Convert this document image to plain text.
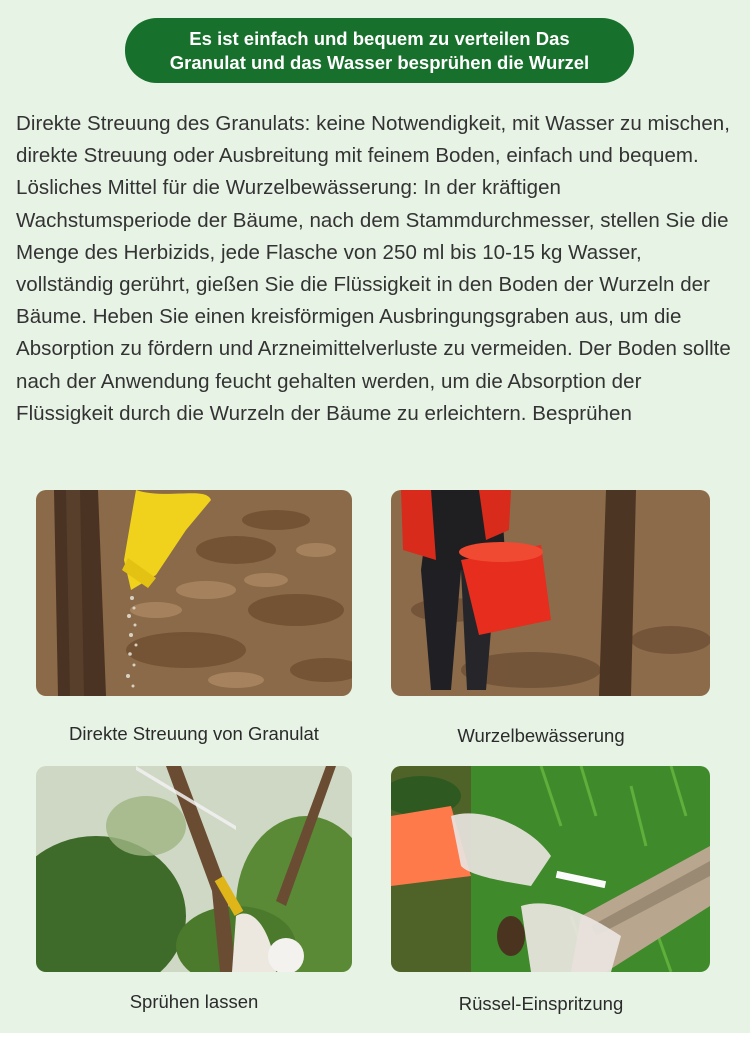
Es ist einfach und bequem zu verteilen Das
Granulat und das Wasser besprühen die Wurzel
Direkte Streuung des Granulats: keine Notwendigkeit, mit Wasser zu mischen, direkte Streuung oder Ausbreitung mit feinem Boden, einfach und bequem. Lösliches Mittel für die Wurzelbewässerung: In der kräftigen Wachstumsperiode der Bäume, nach dem Stammdurchmesser, stellen Sie die Menge des Herbizids, jede Flasche von 250 ml bis 10-15 kg Wasser, vollständig gerührt, gießen Sie die Flüssigkeit in den Boden der Wurzeln der Bäume. Heben Sie einen kreisförmigen Ausbringungsgraben aus, um die Absorption zu fördern und Arzneimittelverluste zu vermeiden. Der Boden sollte nach der Anwendung feucht gehalten werden, um die Absorption der Flüssigkeit durch die Wurzeln der Bäume zu erleichtern. Besprühen
Direkte Streuung von Granulat	Wurzelbewässerung
Sprühen lassen	Rüssel-Einspritzung
